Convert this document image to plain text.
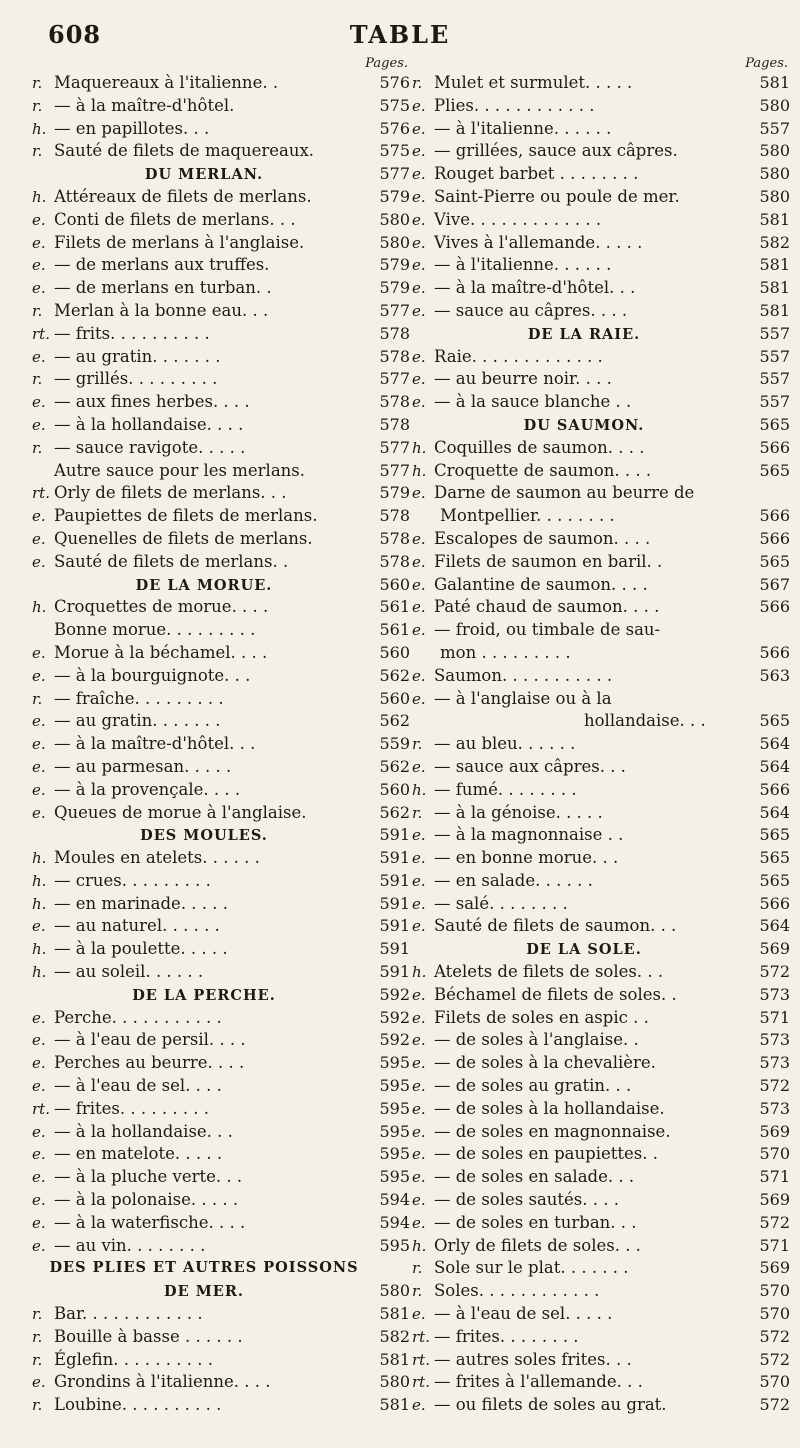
608	TABLE
Pages.
r. Maquereaux à l'italienne. .	576
r. — à la maître-d'hôtel.	575
h. — en papillotes. . .	576
r. Sauté de filets de maquereaux.	575
DU MERLAN.	577
h. Attéreaux de filets de merlans.	579
e. Conti de filets de merlans. . .	580
e. Filets de merlans à l'anglaise.	580
e. — de merlans aux truffes.	579
e. — de merlans en turban. .	579
r. Merlan à la bonne eau. . .	577
rt. — frits. . . . . . . . . .	578
e. — au gratin. . . . . . .	578
r. — grillés. . . . . . . . .	577
e. — aux fines herbes. . . .	578
e. — à la hollandaise. . . .	578
r. — sauce ravigote. . . . .	577
Autre sauce pour les merlans.	577
rt. Orly de filets de merlans. . .	579
e. Paupiettes de filets de merlans.	578
e. Quenelles de filets de merlans.	578
e. Sauté de filets de merlans. .	578
DE LA MORUE.	560
h. Croquettes de morue. . . .	561
Bonne morue. . . . . . . . .	561
e. Morue à la béchamel. . . .	560
e. — à la bourguignote. . .	562
r. — fraîche. . . . . . . . .	560
e. — au gratin. . . . . . .	562
e. — à la maître-d'hôtel. . .	559
e. — au parmesan. . . . .	562
e. — à la provençale. . . .	560
e. Queues de morue à l'anglaise.	562
DES MOULES.	591
h. Moules en atelets. . . . . .	591
h. — crues. . . . . . . . .	591
h. — en marinade. . . . .	591
e. — au naturel. . . . . .	591
h. — à la poulette. . . . .	591
h. — au soleil. . . . . .	591
DE LA PERCHE.	592
e. Perche. . . . . . . . . . .	592
e. — à l'eau de persil. . . .	592
e. Perches au beurre. . . .	595
e. — à l'eau de sel. . . .	595
rt. — frites. . . . . . . . .	595
e. — à la hollandaise. . .	595
e. — en matelote. . . . .	595
e. — à la pluche verte. . .	595
e. — à la polonaise. . . . .	594
e. — à la waterfische. . . .	594
e. — au vin. . . . . . . .	595
DES PLIES ET AUTRES POISSONS
DE MER.	580
r. Bar. . . . . . . . . . . .	581
r. Bouille à basse . . . . . .	582
r. Églefin. . . . . . . . . .	581
e. Grondins à l'italienne. . . .	580
r. Loubine. . . . . . . . . .	581
Pages.
r. Mulet et surmulet. . . . .	581
e. Plies. . . . . . . . . . . .	580
e. — à l'italienne. . . . . .	557
e. — grillées, sauce aux câpres.	580
e. Rouget barbet . . . . . . . .	580
e. Saint-Pierre ou poule de mer.	580
e. Vive. . . . . . . . . . . . .	581
e. Vives à l'allemande. . . . .	582
e. — à l'italienne. . . . . .	581
e. — à la maître-d'hôtel. . .	581
e. — sauce au câpres. . . .	581
DE LA RAIE.	557
e. Raie. . . . . . . . . . . . .	557
e. — au beurre noir. . . .	557
e. — à la sauce blanche . .	557
DU SAUMON.	565
h. Coquilles de saumon. . . .	566
h. Croquette de saumon. . . .	565
e. Darne de saumon au beurre de
Montpellier. . . . . . . .	566
e. Escalopes de saumon. . . .	566
e. Filets de saumon en baril. .	565
e. Galantine de saumon. . . .	567
e. Paté chaud de saumon. . . .	566
e. — froid, ou timbale de sau-
mon . . . . . . . . .	566
e. Saumon. . . . . . . . . . .	563
e. — à l'anglaise ou à la
hollandaise. . .	565
r. — au bleu. . . . . .	564
e. — sauce aux câpres. . .	564
h. — fumé. . . . . . . .	566
r. — à la génoise. . . . .	564
e. — à la magnonnaise . .	565
e. — en bonne morue. . .	565
e. — en salade. . . . . .	565
e. — salé. . . . . . . .	566
e. Sauté de filets de saumon. . .	564
DE LA SOLE.	569
h. Atelets de filets de soles. . .	572
e. Béchamel de filets de soles. .	573
e. Filets de soles en aspic . .	571
e. — de soles à l'anglaise. .	573
e. — de soles à la chevalière.	573
e. — de soles au gratin. . .	572
e. — de soles à la hollandaise.	573
e. — de soles en magnonnaise.	569
e. — de soles en paupiettes. .	570
e. — de soles en salade. . .	571
e. — de soles sautés. . . .	569
e. — de soles en turban. . .	572
h. Orly de filets de soles. . .	571
r. Sole sur le plat. . . . . . .	569
r. Soles. . . . . . . . . . . .	570
e. — à l'eau de sel. . . . .	570
rt. — frites. . . . . . . .	572
rt. — autres soles frites. . .	572
rt. — frites à l'allemande. . .	570
e. — ou filets de soles au grat.	572
